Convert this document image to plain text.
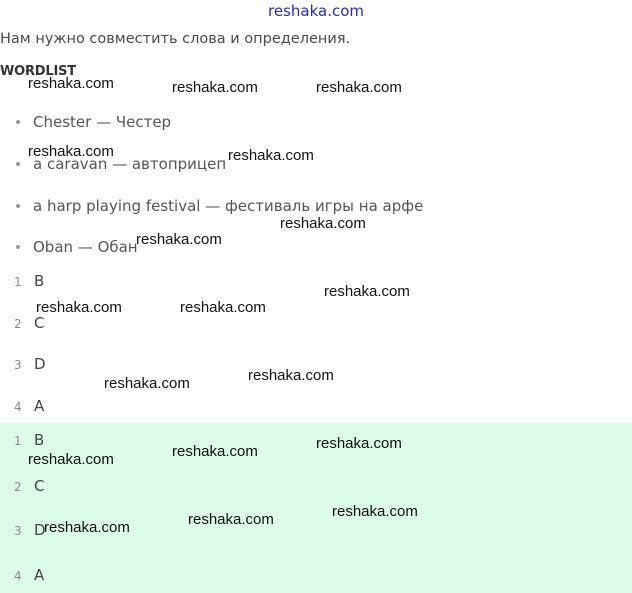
reshaka.com
Нам нужно совместить слова и определения.
WORDLIST
Chester — Честер
a caravan — автоприцеп
a harp playing festival — фестиваль игры на арфе
Oban — Обан
1 B
2 C
3 D
4 A
1 B
2 C
3 D
4 A
reshaka.com	reshaka.com	reshaka.com
reshaka.com	reshaka.com
reshaka.com
reshaka.com
reshaka.com
reshaka.com	reshaka.com
reshaka.com
reshaka.com
reshaka.com
reshaka.com
reshaka.com
reshaka.com
reshaka.com
reshaka.com
